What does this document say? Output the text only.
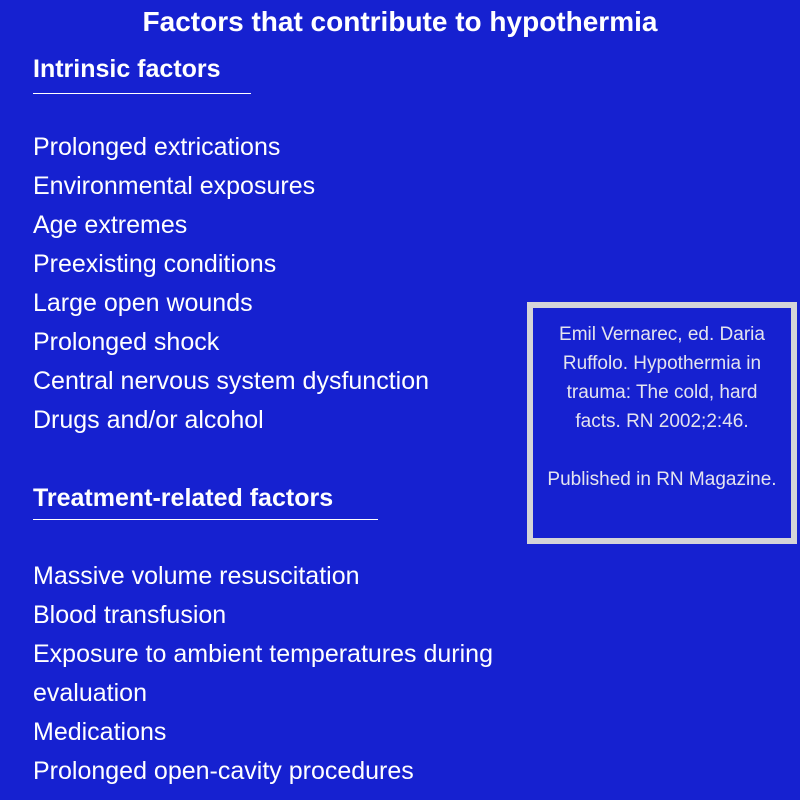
Factors that contribute to hypothermia
Intrinsic factors
Prolonged extrications
Environmental exposures
Age extremes
Preexisting conditions
Large open wounds
Prolonged shock
Central nervous system dysfunction
Drugs and/or alcohol
Treatment-related factors
Massive volume resuscitation
Blood transfusion
Exposure to ambient temperatures during
evaluation
Medications
Prolonged open-cavity procedures

Emil Vernarec, ed. Daria Ruffolo. Hypothermia in trauma: The cold, hard facts. RN 2002;2:46.

Published in RN Magazine.
